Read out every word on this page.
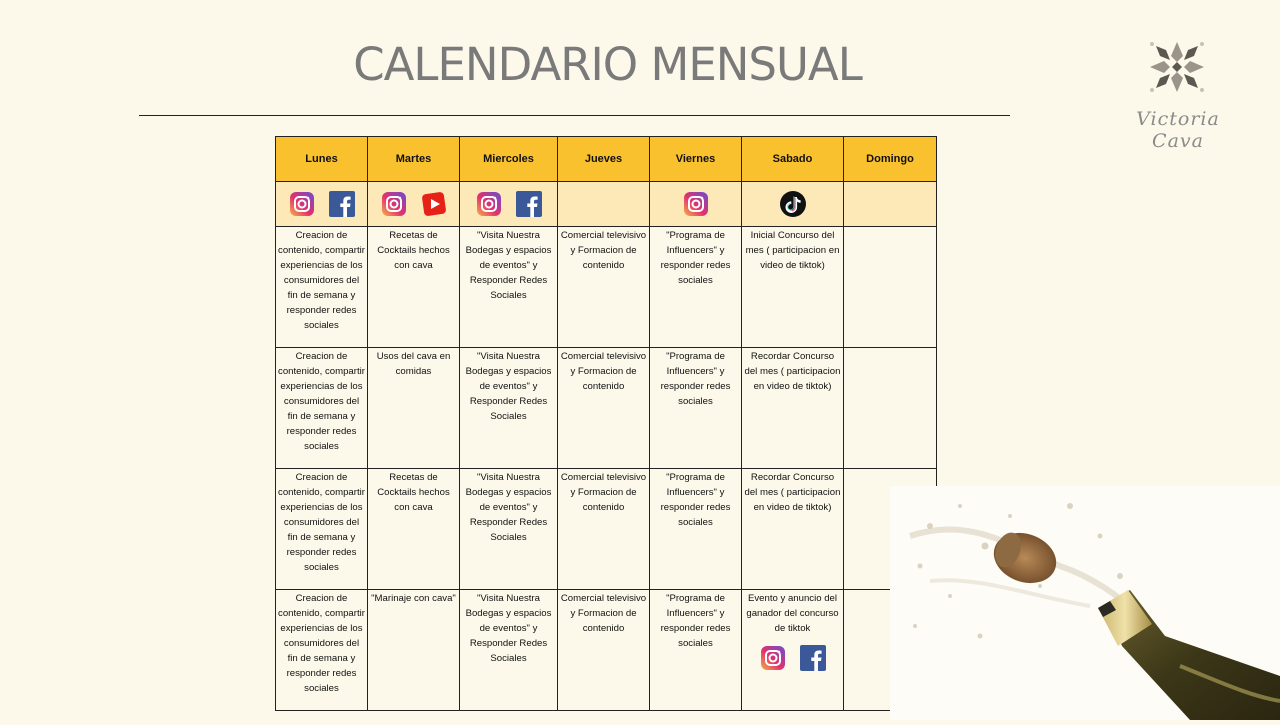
CALENDARIO MENSUAL
Victoria Cava
Lunes	Martes	Miercoles	Jueves	Viernes	Sabado	Domingo

Creacion de contenido, compartir experiencias de los consumidores del fin de semana y responder redes sociales	Recetas de Cocktails hechos con cava	"Visita Nuestra Bodegas y espacios de eventos" y Responder Redes Sociales	Comercial televisivo y Formacion de contenido	"Programa de Influencers" y responder redes sociales	Inicial Concurso del mes ( participacion en video de tiktok)	
Creacion de contenido, compartir experiencias de los consumidores del fin de semana y responder redes sociales	Usos del cava en comidas	"Visita Nuestra Bodegas y espacios de eventos" y Responder Redes Sociales	Comercial televisivo y Formacion de contenido	"Programa de Influencers" y responder redes sociales	Recordar Concurso del mes ( participacion en video de tiktok)	
Creacion de contenido, compartir experiencias de los consumidores del fin de semana y responder redes sociales	Recetas de Cocktails hechos con cava	"Visita Nuestra Bodegas y espacios de eventos" y Responder Redes Sociales	Comercial televisivo y Formacion de contenido	"Programa de Influencers" y responder redes sociales	Recordar Concurso del mes ( participacion en video de tiktok)	
Creacion de contenido, compartir experiencias de los consumidores del fin de semana y responder redes sociales	"Marinaje con cava"	"Visita Nuestra Bodegas y espacios de eventos" y Responder Redes Sociales	Comercial televisivo y Formacion de contenido	"Programa de Influencers" y responder redes sociales	Evento y anuncio del ganador del concurso de tiktok	
